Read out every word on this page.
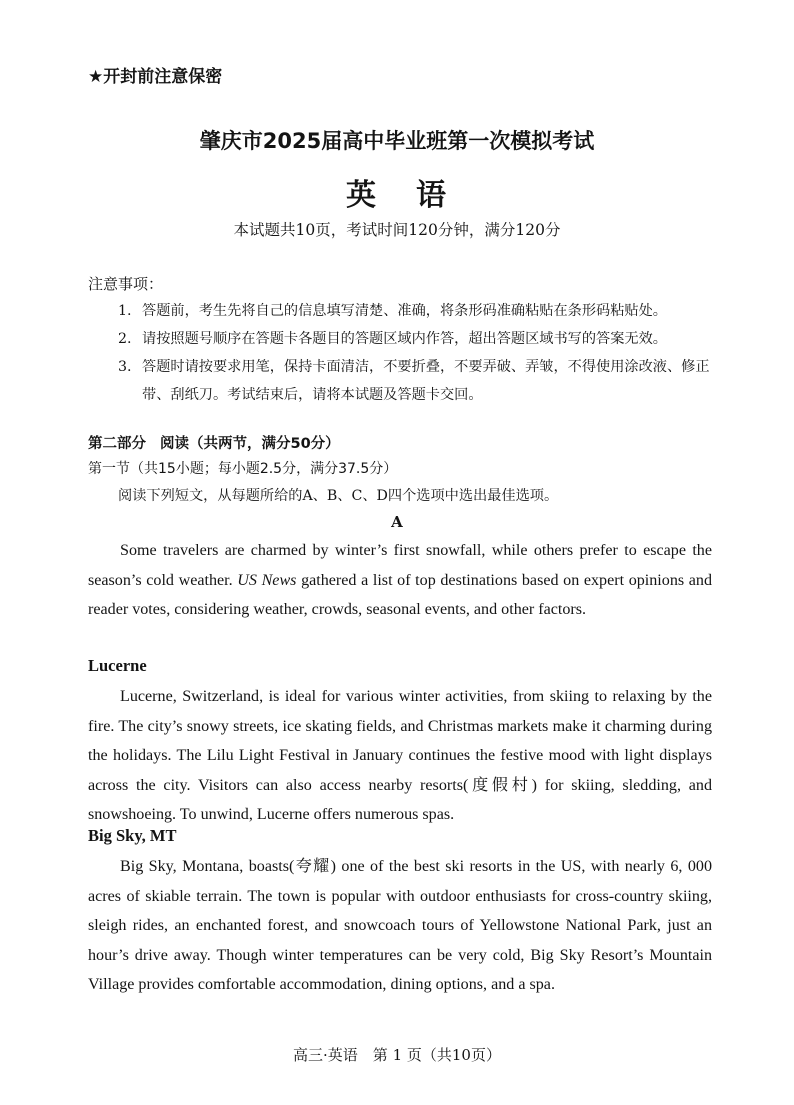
★开封前注意保密
肇庆市2025届高中毕业班第一次模拟考试
英 语
本试题共10页，考试时间120分钟，满分120分
注意事项：
1. 答题前，考生先将自己的信息填写清楚、准确，将条形码准确粘贴在条形码粘贴处。
2. 请按照题号顺序在答题卡各题目的答题区域内作答，超出答题区域书写的答案无效。
3. 答题时请按要求用笔，保持卡面清洁，不要折叠，不要弄破、弄皱，不得使用涂改液、修正带、刮纸刀。考试结束后，请将本试题及答题卡交回。
第二部分 阅读（共两节，满分50分）
第一节（共15小题；每小题2.5分，满分37.5分）
阅读下列短文，从每题所给的A、B、C、D四个选项中选出最佳选项。
A

Some travelers are charmed by winter’s first snowfall, while others prefer to escape the season’s cold weather. US News gathered a list of top destinations based on expert opinions and reader votes, considering weather, crowds, seasonal events, and other factors.

Lucerne

Lucerne, Switzerland, is ideal for various winter activities, from skiing to relaxing by the fire. The city’s snowy streets, ice skating fields, and Christmas markets make it charming during the holidays. The Lilu Light Festival in January continues the festive mood with light displays across the city. Visitors can also access nearby resorts(度假村) for skiing, sledding, and snowshoeing. To unwind, Lucerne offers numerous spas.

Big Sky, MT

Big Sky, Montana, boasts(夸耀) one of the best ski resorts in the US, with nearly 6, 000 acres of skiable terrain. The town is popular with outdoor enthusiasts for cross-country skiing, sleigh rides, an enchanted forest, and snowcoach tours of Yellowstone National Park, just an hour’s drive away. Though winter temperatures can be very cold, Big Sky Resort’s Mountain Village provides comfortable accommodation, dining options, and a spa.

高三·英语　第 1 页（共10页）
